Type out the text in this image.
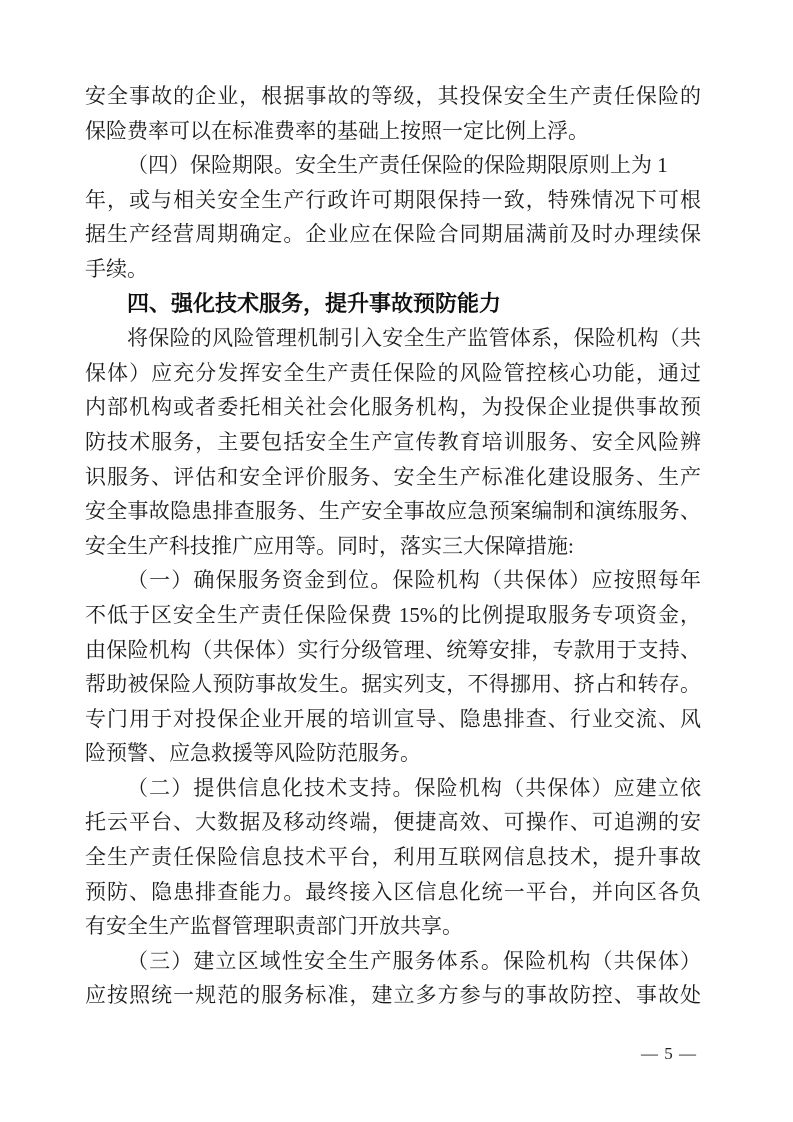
安全事故的企业，根据事故的等级，其投保安全生产责任保险的
保险费率可以在标准费率的基础上按照一定比例上浮。
（四）保险期限。安全生产责任保险的保险期限原则上为 1
年，或与相关安全生产行政许可期限保持一致，特殊情况下可根
据生产经营周期确定。企业应在保险合同期届满前及时办理续保
手续。
四、强化技术服务，提升事故预防能力
将保险的风险管理机制引入安全生产监管体系，保险机构（共
保体）应充分发挥安全生产责任保险的风险管控核心功能，通过
内部机构或者委托相关社会化服务机构，为投保企业提供事故预
防技术服务，主要包括安全生产宣传教育培训服务、安全风险辨
识服务、评估和安全评价服务、安全生产标准化建设服务、生产
安全事故隐患排查服务、生产安全事故应急预案编制和演练服务、
安全生产科技推广应用等。同时，落实三大保障措施:
（一）确保服务资金到位。保险机构（共保体）应按照每年
不低于区安全生产责任保险保费 15%的比例提取服务专项资金，
由保险机构（共保体）实行分级管理、统筹安排，专款用于支持、
帮助被保险人预防事故发生。据实列支，不得挪用、挤占和转存。
专门用于对投保企业开展的培训宣导、隐患排查、行业交流、风
险预警、应急救援等风险防范服务。
（二）提供信息化技术支持。保险机构（共保体）应建立依
托云平台、大数据及移动终端，便捷高效、可操作、可追溯的安
全生产责任保险信息技术平台，利用互联网信息技术，提升事故
预防、隐患排查能力。最终接入区信息化统一平台，并向区各负
有安全生产监督管理职责部门开放共享。
（三）建立区域性安全生产服务体系。保险机构（共保体）
应按照统一规范的服务标准，建立多方参与的事故防控、事故处
— 5 —
